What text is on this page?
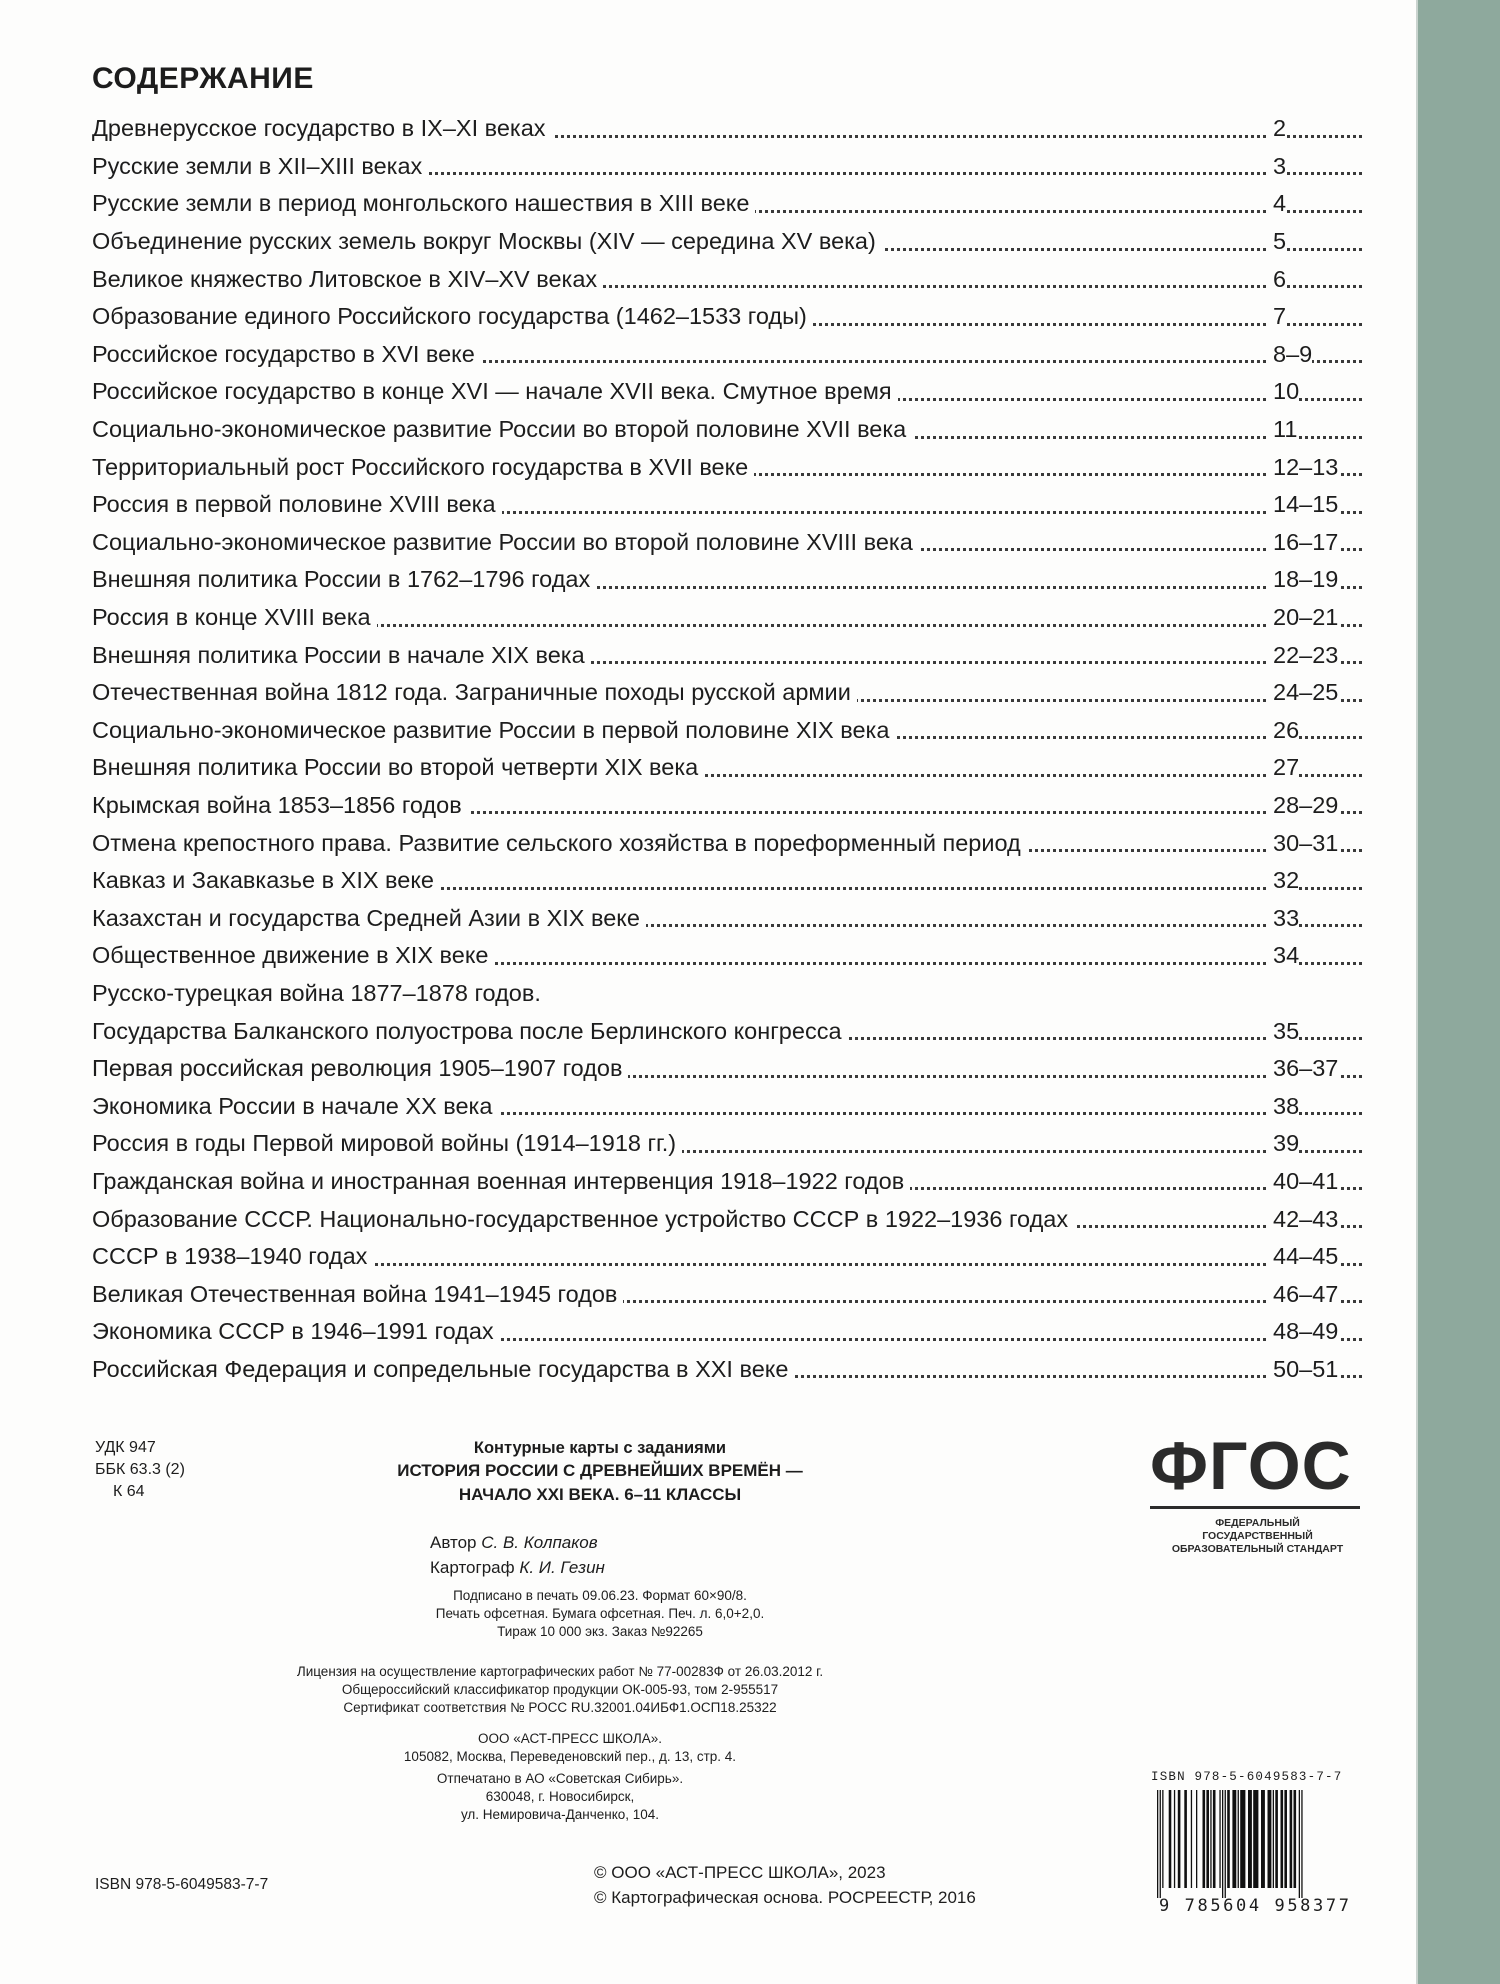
СОДЕРЖАНИЕ
Древнерусское государство в IX–XI веках	2
Русские земли в XII–XIII веках	3
Русские земли в период монгольского нашествия в XIII веке	4
Объединение русских земель вокруг Москвы (XIV — середина XV века)	5
Великое княжество Литовское в XIV–XV веках	6
Образование единого Российского государства (1462–1533 годы)	7
Российское государство в XVI веке	8–9
Российское государство в конце XVI — начале XVII века. Смутное время	10
Социально-экономическое развитие России во второй половине XVII века	11
Территориальный рост Российского государства в XVII веке	12–13
Россия в первой половине XVIII века	14–15
Социально-экономическое развитие России во второй половине XVIII века	16–17
Внешняя политика России в 1762–1796 годах	18–19
Россия в конце XVIII века	20–21
Внешняя политика России в начале XIX века	22–23
Отечественная война 1812 года. Заграничные походы русской армии	24–25
Социально-экономическое развитие России в первой половине XIX века	26
Внешняя политика России во второй четверти XIX века	27
Крымская война 1853–1856 годов	28–29
Отмена крепостного права. Развитие сельского хозяйства в пореформенный период	30–31
Кавказ и Закавказье в XIX веке	32
Казахстан и государства Средней Азии в XIX веке	33
Общественное движение в XIX веке	34
Русско-турецкая война 1877–1878 годов.
Государства Балканского полуострова после Берлинского конгресса	35
Первая российская революция 1905–1907 годов	36–37
Экономика России в начале XX века	38
Россия в годы Первой мировой войны (1914–1918 гг.)	39
Гражданская война и иностранная военная интервенция 1918–1922 годов	40–41
Образование СССР. Национально-государственное устройство СССР в 1922–1936 годах	42–43
СССР в 1938–1940 годах	44–45
Великая Отечественная война 1941–1945 годов	46–47
Экономика СССР в 1946–1991 годах	48–49
Российская Федерация и сопредельные государства в XXI веке	50–51
УДК 947
ББК 63.3 (2)
К 64
Контурные карты с заданиями
ИСТОРИЯ РОССИИ С ДРЕВНЕЙШИХ ВРЕМЁН —
НАЧАЛО XXI ВЕКА. 6–11 КЛАССЫ
Автор С. В. Колпаков
Картограф К. И. Гезин
Подписано в печать 09.06.23. Формат 60×90/8.
Печать офсетная. Бумага офсетная. Печ. л. 6,0+2,0.
Тираж 10 000 экз. Заказ №92265
Лицензия на осуществление картографических работ № 77-00283Ф от 26.03.2012 г.
Общероссийский классификатор продукции ОК-005-93, том 2-955517
Сертификат соответствия № РОСС RU.32001.04ИБФ1.ОСП18.25322
ООО «АСТ-ПРЕСС ШКОЛА».
105082, Москва, Переведеновский пер., д. 13, стр. 4.
Отпечатано в АО «Советская Сибирь».
630048, г. Новосибирск,
ул. Немировича-Данченко, 104.
© ООО «АСТ-ПРЕСС ШКОЛА», 2023
© Картографическая основа. РОСРЕЕСТР, 2016
ISBN 978-5-6049583-7-7
ФГОС
ФЕДЕРАЛЬНЫЙ
ГОСУДАРСТВЕННЫЙ
ОБРАЗОВАТЕЛЬНЫЙ СТАНДАРТ
ISBN 978-5-6049583-7-7
9 785604 958377
